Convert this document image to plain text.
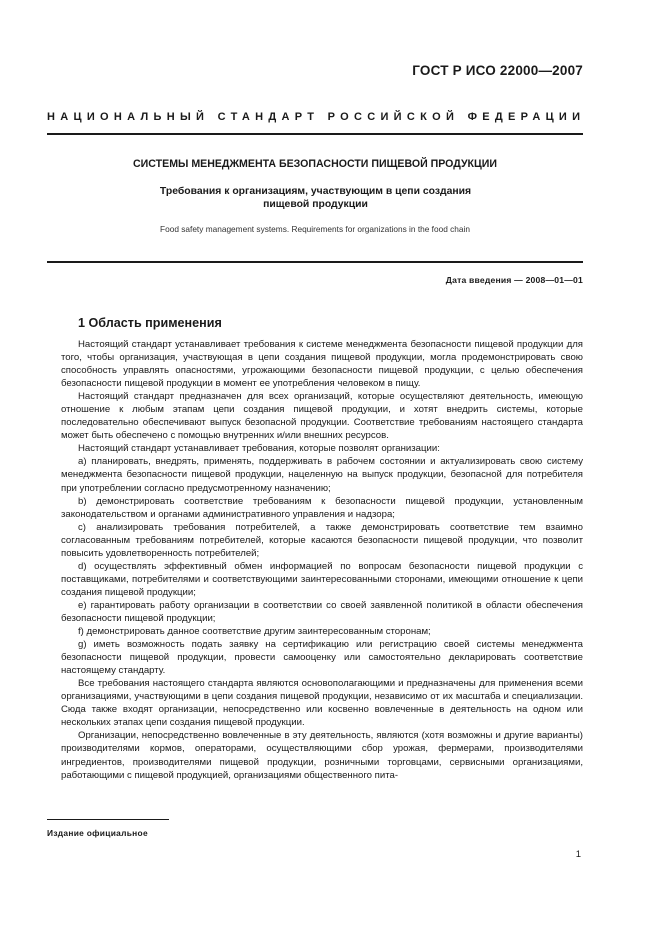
ГОСТ Р ИСО 22000—2007
НАЦИОНАЛЬНЫЙ СТАНДАРТ РОССИЙСКОЙ ФЕДЕРАЦИИ
СИСТЕМЫ МЕНЕДЖМЕНТА БЕЗОПАСНОСТИ ПИЩЕВОЙ ПРОДУКЦИИ
Требования к организациям, участвующим в цепи создания
пищевой продукции
Food safety management systems. Requirements for organizations in the food chain
Дата введения — 2008—01—01
1 Область применения

Настоящий стандарт устанавливает требования к системе менеджмента безопасности пищевой продукции для того, чтобы организация, участвующая в цепи создания пищевой продукции, могла продемонстрировать свою способность управлять опасностями, угрожающими безопасности пищевой продукции, с целью обеспечения безопасности пищевой продукции в момент ее употребления человеком в пищу.

Настоящий стандарт предназначен для всех организаций, которые осуществляют деятельность, имеющую отношение к любым этапам цепи создания пищевой продукции, и хотят внедрить системы, которые последовательно обеспечивают выпуск безопасной продукции. Соответствие требованиям настоящего стандарта может быть обеспечено с помощью внутренних и/или внешних ресурсов.

Настоящий стандарт устанавливает требования, которые позволят организации:

a) планировать, внедрять, применять, поддерживать в рабочем состоянии и актуализировать свою систему менеджмента безопасности пищевой продукции, нацеленную на выпуск продукции, безопасной для потребителя при употреблении согласно предусмотренному назначению;

b) демонстрировать соответствие требованиям к безопасности пищевой продукции, установленным законодательством и органами административного управления и надзора;

c) анализировать требования потребителей, а также демонстрировать соответствие тем взаимно согласованным требованиям потребителей, которые касаются безопасности пищевой продукции, что позволит повысить удовлетворенность потребителей;

d) осуществлять эффективный обмен информацией по вопросам безопасности пищевой продукции с поставщиками, потребителями и соответствующими заинтересованными сторонами, имеющими отношение к цепи создания пищевой продукции;

e) гарантировать работу организации в соответствии со своей заявленной политикой в области обеспечения безопасности пищевой продукции;

f) демонстрировать данное соответствие другим заинтересованным сторонам;

g) иметь возможность подать заявку на сертификацию или регистрацию своей системы менеджмента безопасности пищевой продукции, провести самооценку или самостоятельно декларировать соответствие настоящему стандарту.

Все требования настоящего стандарта являются основополагающими и предназначены для применения всеми организациями, участвующими в цепи создания пищевой продукции, независимо от их масштаба и специализации. Сюда также входят организации, непосредственно или косвенно вовлеченные в деятельность на одном или нескольких этапах цепи создания пищевой продукции.

Организации, непосредственно вовлеченные в эту деятельность, являются (хотя возможны и другие варианты) производителями кормов, операторами, осуществляющими сбор урожая, фермерами, производителями ингредиентов, производителями пищевой продукции, розничными торговцами, сервисными организациями, работающими с пищевой продукцией, организациями общественного пита-

Издание официальное
1
